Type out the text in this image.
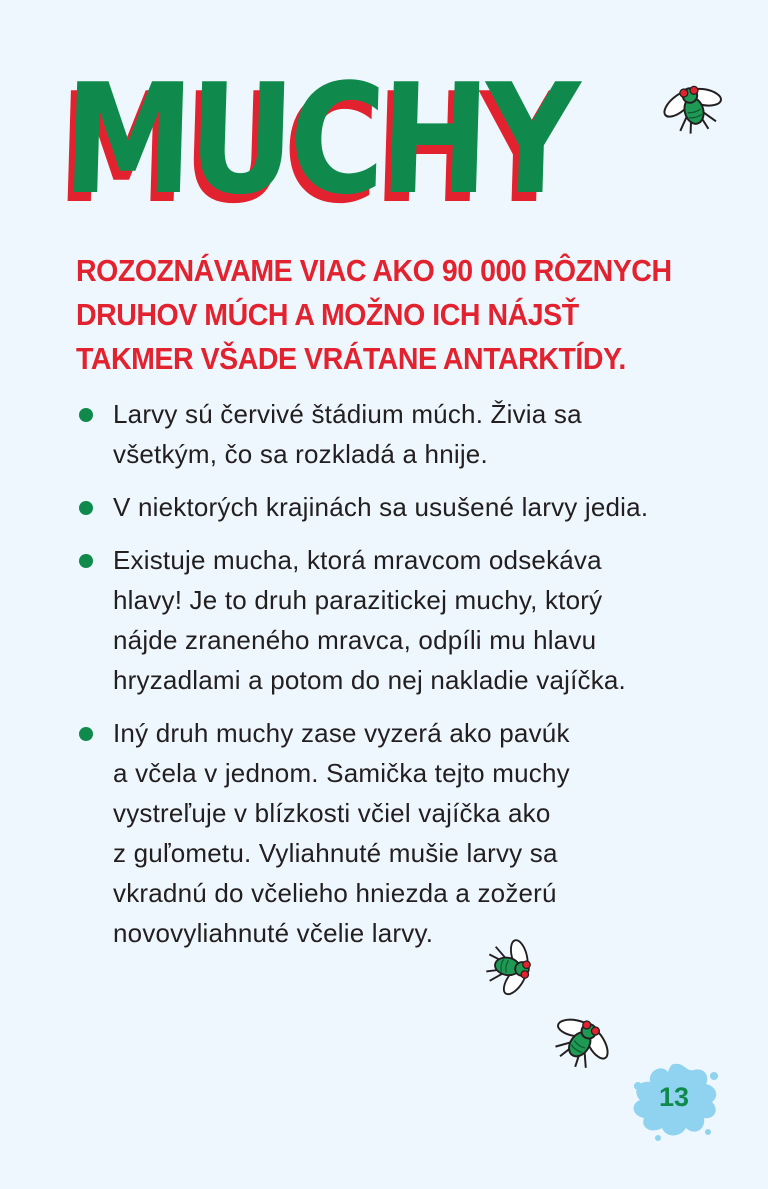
MUCHY

ROZOZNÁVAME VIAC AKO 90 000 RÔZNYCH
DRUHOV MÚCH A MOŽNO ICH NÁJSŤ
TAKMER VŠADE VRÁTANE ANTARKTÍDY.

Larvy sú červivé štádium múch. Živia sa
všetkým, čo sa rozkladá a hnije.
V niektorých krajinách sa usušené larvy jedia.
Existuje mucha, ktorá mravcom odsekáva
hlavy! Je to druh parazitickej muchy, ktorý
nájde zraneného mravca, odpíli mu hlavu
hryzadlami a potom do nej nakladie vajíčka.
Iný druh muchy zase vyzerá ako pavúk
a včela v jednom. Samička tejto muchy
vystreľuje v blízkosti včiel vajíčka ako
z guľometu. Vyliahnuté mušie larvy sa
vkradnú do včelieho hniezda a zožerú
novovyliahnuté včelie larvy.
13
